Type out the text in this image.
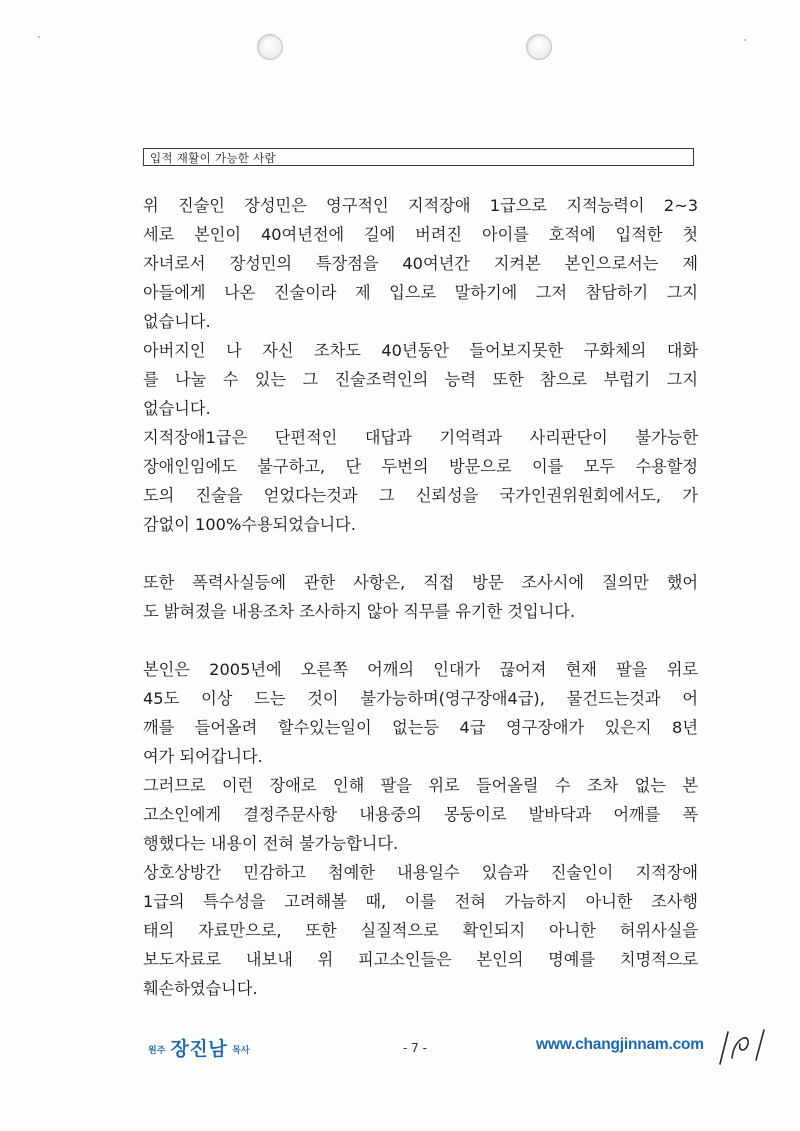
입적 재활이 가능한 사람
위 진술인 장성민은 영구적인 지적장애 1급으로 지적능력이 2~3
세로 본인이 40여년전에 길에 버려진 아이를 호적에 입적한 첫
자녀로서 장성민의 특장점을 40여년간 지켜본 본인으로서는 제
아들에게 나온 진술이라 제 입으로 말하기에 그저 참담하기 그지
없습니다.
아버지인 나 자신 조차도 40년동안 들어보지못한 구화체의 대화
를 나눌 수 있는 그 진술조력인의 능력 또한 참으로 부럽기 그지
없습니다.
지적장애1급은 단편적인 대답과 기억력과 사리판단이 불가능한
장애인임에도 불구하고, 단 두번의 방문으로 이를 모두 수용할정
도의 진술을 얻었다는것과 그 신뢰성을 국가인권위원회에서도, 가
감없이 100%수용되었습니다.
또한 폭력사실등에 관한 사항은, 직접 방문 조사시에 질의만 했어
도 밝혀졌을 내용조차 조사하지 않아 직무를 유기한 것입니다.
본인은 2005년에 오른쪽 어깨의 인대가 끊어져 현재 팔을 위로
45도 이상 드는 것이 불가능하며(영구장애4급), 물건드는것과 어
깨를 들어올려 할수있는일이 없는등 4급 영구장애가 있은지 8년
여가 되어갑니다.
그러므로 이런 장애로 인해 팔을 위로 들어올릴 수 조차 없는 본
고소인에게 결정주문사항 내용중의 몽둥이로 발바닥과 어깨를 폭
행했다는 내용이 전혀 불가능합니다.
상호상방간 민감하고 첨예한 내용일수 있슴과 진술인이 지적장애
1급의 특수성을 고려해볼 때, 이를 전혀 가늠하지 아니한 조사행
태의 자료만으로, 또한 실질적으로 확인되지 아니한 허위사실을
보도자료로 내보내 위 피고소인들은 본인의 명예를 치명적으로
훼손하였습니다.
원주 장진남 목사	- 7 -	www.changjinnam.com
